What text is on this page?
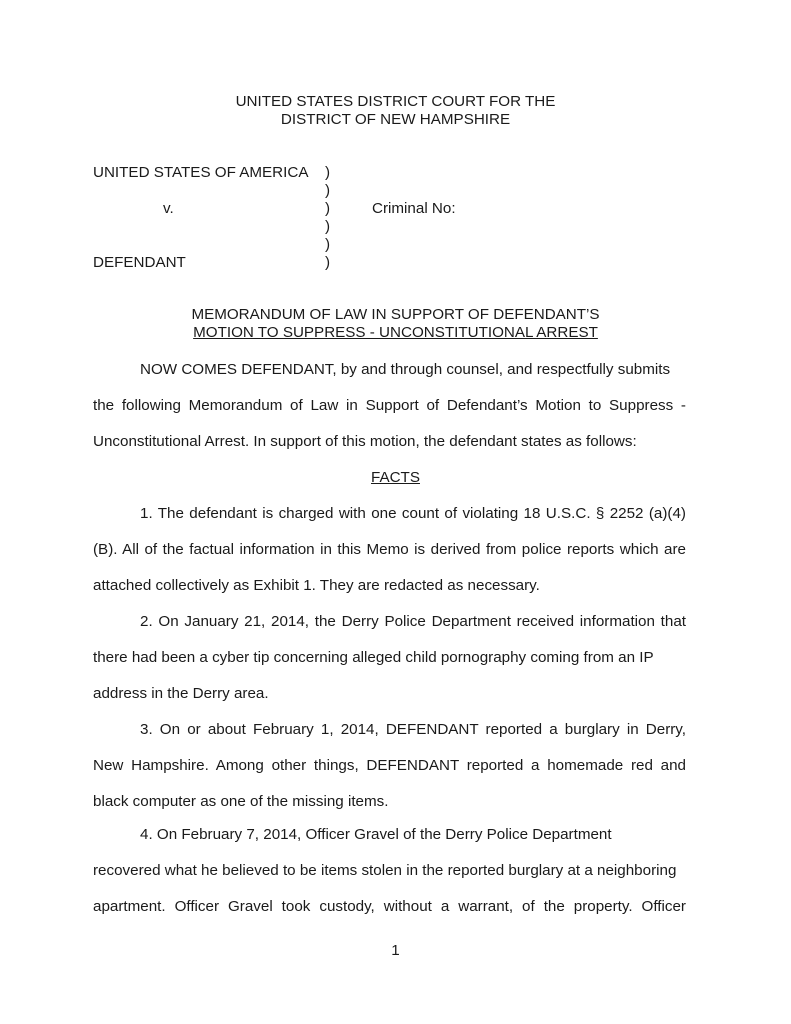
UNITED STATES DISTRICT COURT FOR THE
DISTRICT OF NEW HAMPSHIRE
UNITED STATES OF AMERICA
v.
DEFENDANT
Criminal No:
)
)
)
)
)
)
MEMORANDUM OF LAW IN SUPPORT OF DEFENDANT’S
MOTION TO SUPPRESS - UNCONSTITUTIONAL ARREST
NOW COMES DEFENDANT, by and through counsel, and respectfully submits
the following Memorandum of Law in Support of Defendant’s Motion to Suppress -
Unconstitutional Arrest. In support of this motion, the defendant states as follows:
FACTS
1. The defendant is charged with one count of violating 18 U.S.C. § 2252 (a)(4)
(B). All of the factual information in this Memo is derived from police reports which are
attached collectively as Exhibit 1. They are redacted as necessary.
2. On January 21, 2014, the Derry Police Department received information that
there had been a cyber tip concerning alleged child pornography coming from an IP
address in the Derry area.
3. On or about February 1, 2014, DEFENDANT reported a burglary in Derry,
New Hampshire. Among other things, DEFENDANT reported a homemade red and
black computer as one of the missing items.
4. On February 7, 2014, Officer Gravel of the Derry Police Department
recovered what he believed to be items stolen in the reported burglary at a neighboring
apartment. Officer Gravel took custody, without a warrant, of the property. Officer
1
